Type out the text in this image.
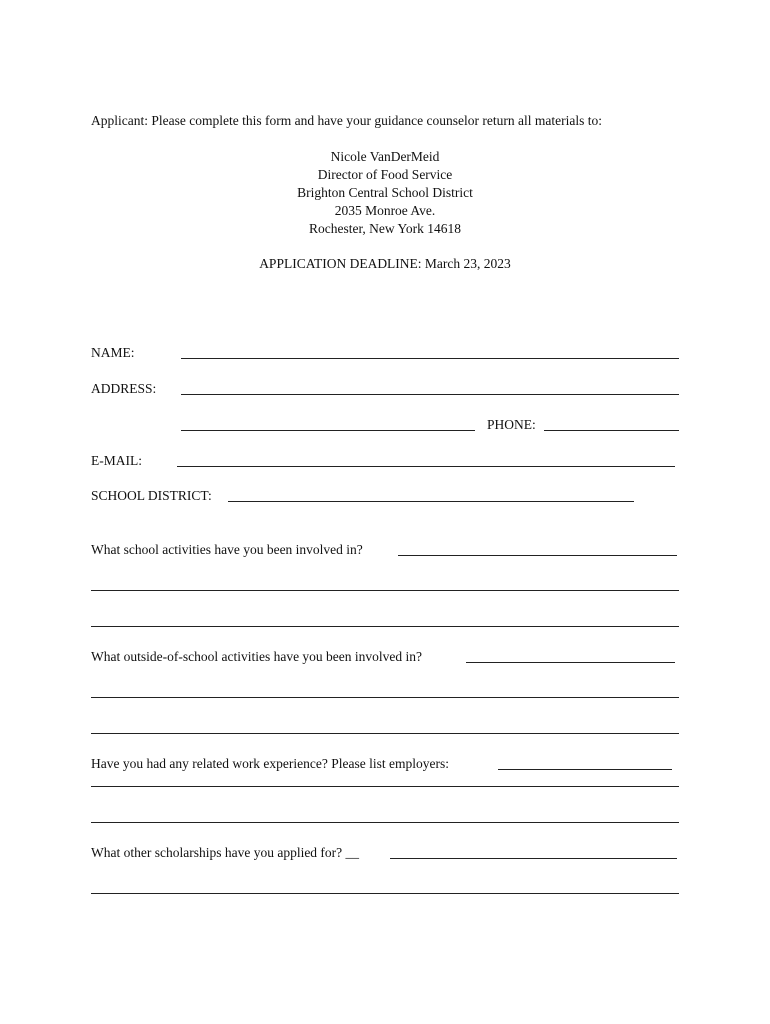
Applicant: Please complete this form and have your guidance counselor return all materials to:
Nicole VanDerMeid
Director of Food Service
Brighton Central School District
2035 Monroe Ave.
Rochester, New York 14618
APPLICATION DEADLINE: March 23, 2023
NAME:
ADDRESS:
PHONE:
E-MAIL:
SCHOOL DISTRICT:
What school activities have you been involved in?
What outside-of-school activities have you been involved in?
Have you had any related work experience? Please list employers:
What other scholarships have you applied for? __
